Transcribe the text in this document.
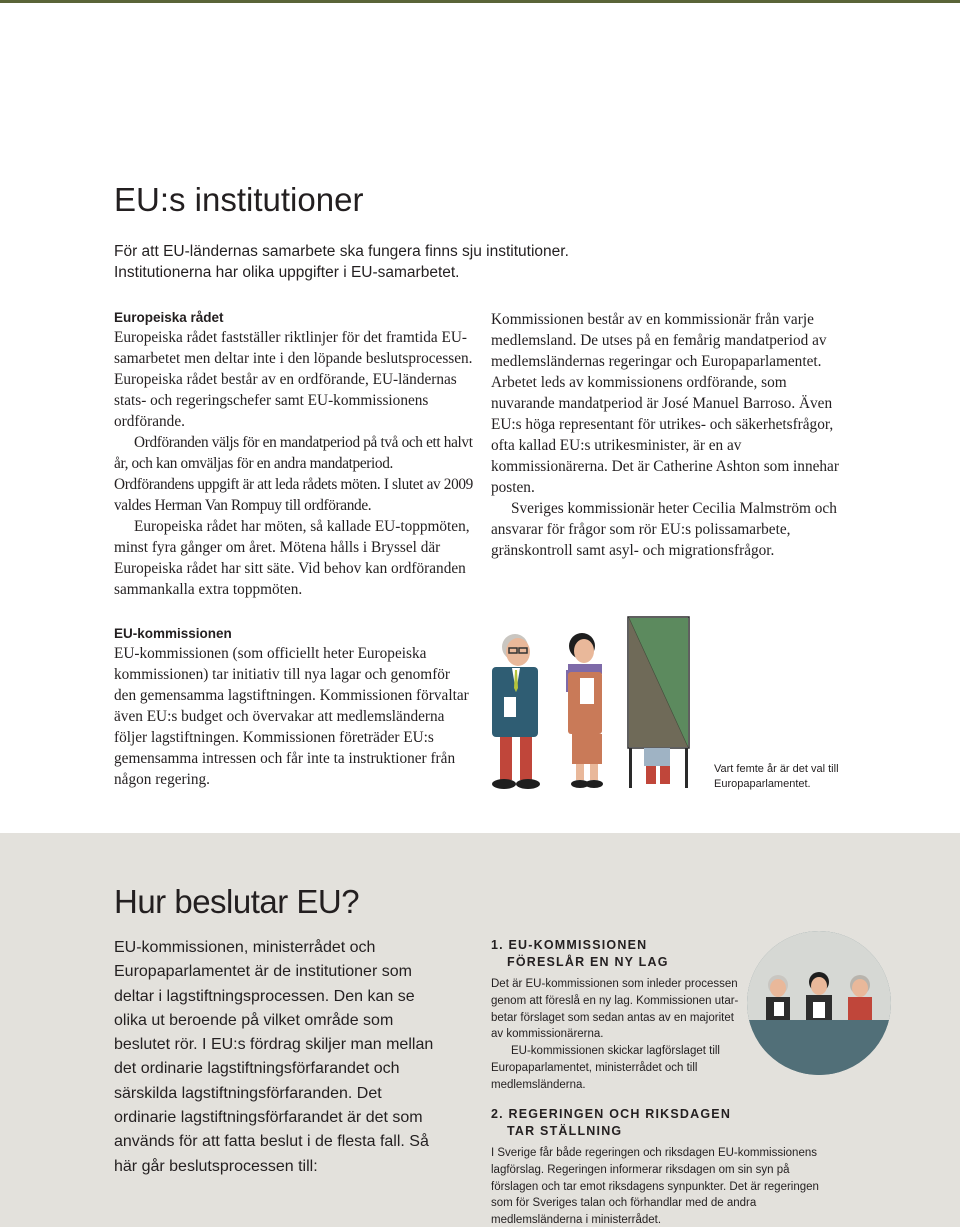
EU:s institutioner

För att EU-ländernas samarbete ska fungera finns sju institutioner.

Institutionerna har olika uppgifter i EU-samarbetet.

Europeiska rådet

Europeiska rådet fastställer riktlinjer för det framtida EU-samarbetet men deltar inte i den löpande beslutsprocessen. Europeiska rådet består av en ordförande, EU-ländernas stats- och regeringschefer samt EU-kommissionens ordförande.

Ordföranden väljs för en mandatperiod på två och ett halvt år, och kan omväljas för en andra mandatperiod. Ordförandens uppgift är att leda rådets möten. I slutet av 2009 valdes Herman Van Rompuy till ordförande.

Europeiska rådet har möten, så kallade EU-toppmöten, minst fyra gånger om året. Mötena hålls i Bryssel där Europeiska rådet har sitt säte. Vid behov kan ordföranden sammankalla extra toppmöten.

Kommissionen består av en kommissionär från varje medlemsland. De utses på en femårig mandatperiod av medlemsländernas regeringar och Europaparlamentet. Arbetet leds av kommissionens ordförande, som nuvarande mandatperiod är José Manuel Barroso. Även EU:s höga representant för utrikes- och säkerhetsfrågor, ofta kallad EU:s utrikesminister, är en av kommissionärerna. Det är Catherine Ashton som innehar posten.

Sveriges kommissionär heter Cecilia Malmström och ansvarar för frågor som rör EU:s polissamarbete, gränskontroll samt asyl- och migrationsfrågor.

EU-kommissionen

EU-kommissionen (som officiellt heter Europeiska kommissionen) tar initiativ till nya lagar och genomför den gemensamma lagstiftningen. Kommissionen förvaltar även EU:s budget och övervakar att medlemsländerna följer lagstiftningen. Kommissionen företräder EU:s gemensamma intressen och får inte ta instruktioner från någon regering.

Vart femte år är det val till Europaparlamentet.
Hur beslutar EU?

EU-kommissionen, ministerrådet och Europaparlamentet är de institutioner som deltar i lagstiftningsprocessen. Den kan se olika ut beroende på vilket område som beslutet rör. I EU:s fördrag skiljer man mellan det ordinarie lagstiftningsförfarandet och särskilda lagstiftningsförfaranden. Det ordinarie lagstiftningsförfarandet är det som används för att fatta beslut i de flesta fall. Så här går beslutsprocessen till:

1. EU-KOMMISSIONEN
FÖRESLÅR EN NY LAG

Det är EU-kommissionen som inleder processen genom att föreslå en ny lag. Kommissionen utarbetar förslaget som sedan antas av en majoritet av kommissionärerna.

EU-kommissionen skickar lagförslaget till Europaparlamentet, ministerrådet och till medlemsländerna.

2. REGERINGEN OCH RIKSDAGEN
TAR STÄLLNING

I Sverige får både regeringen och riksdagen EU-kommissionens lagförslag. Regeringen informerar riksdagen om sin syn på förslagen och tar emot riksdagens synpunkter. Det är regeringen som för Sveriges talan och förhandlar med de andra medlemsländerna i ministerrådet.
